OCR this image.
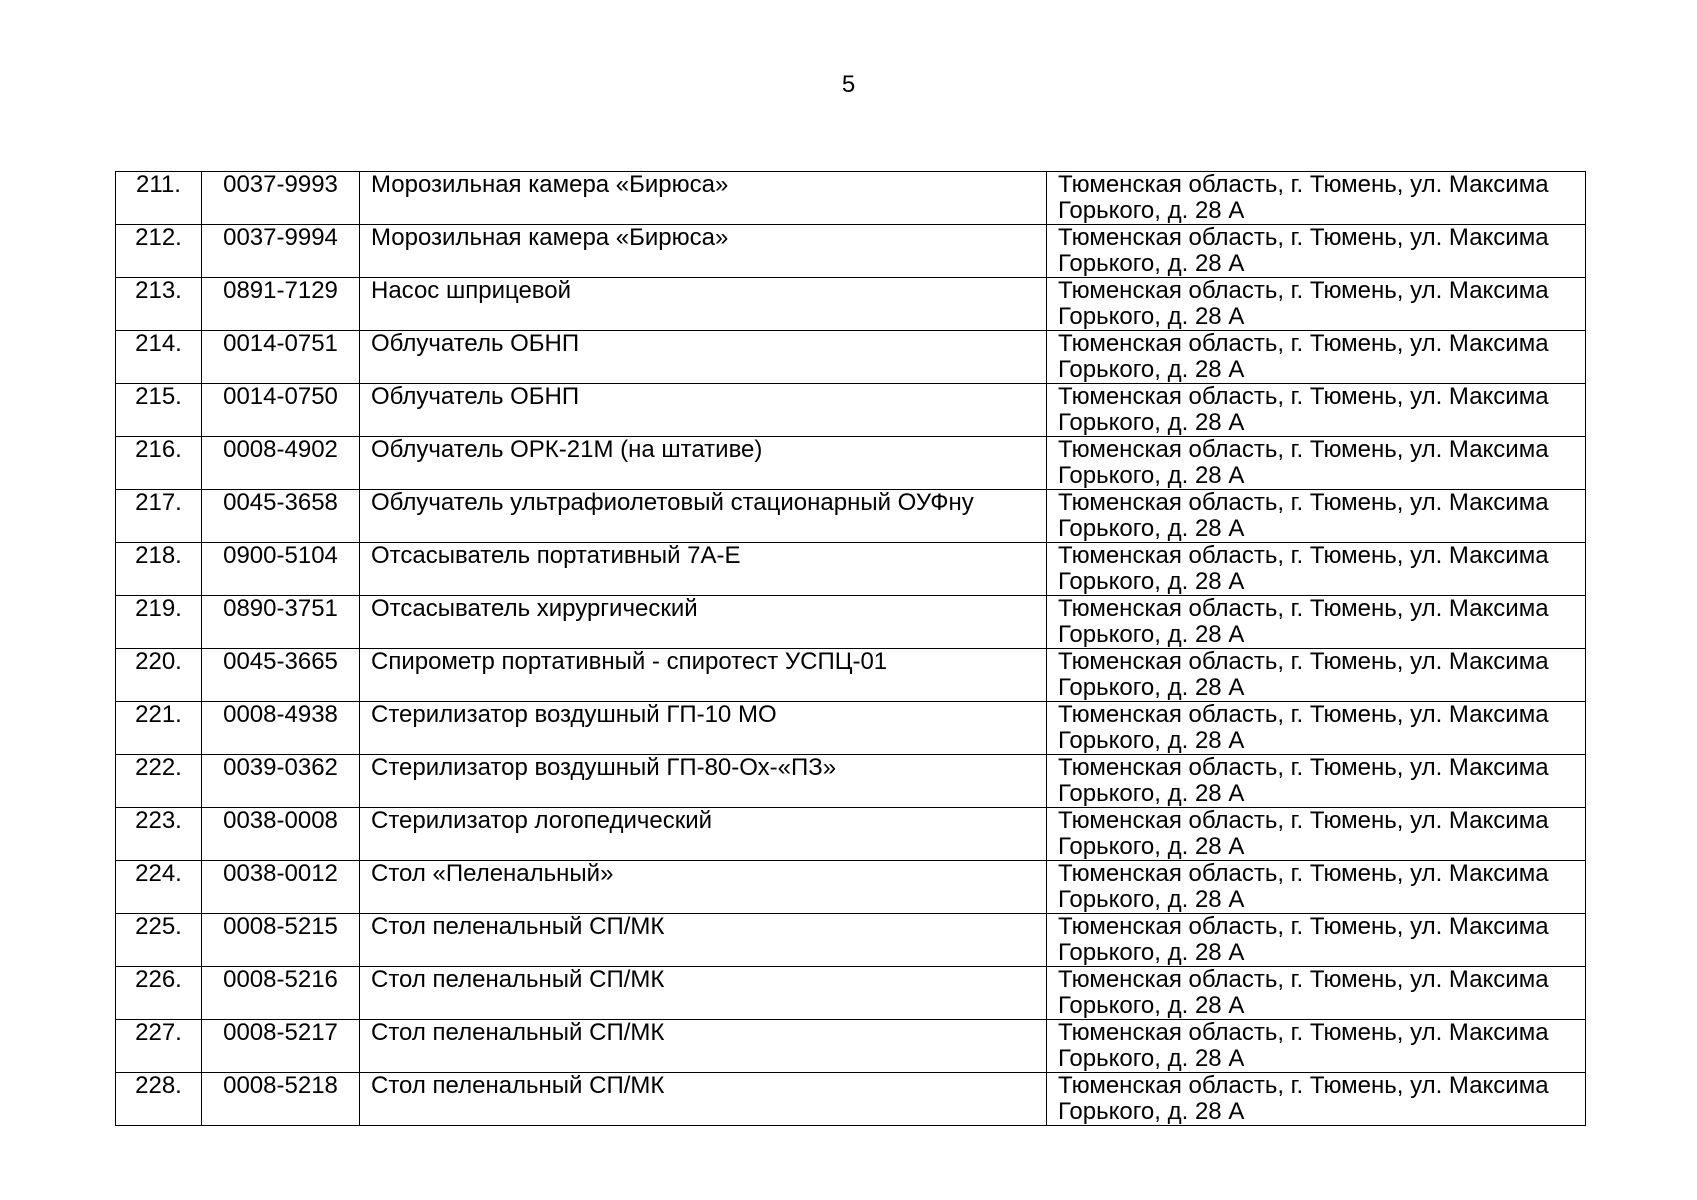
5
211.	0037-9993	Морозильная камера «Бирюса»	Тюменская область, г. Тюмень, ул. Максима Горького, д. 28 А

212.	0037-9994	Морозильная камера «Бирюса»	Тюменская область, г. Тюмень, ул. Максима Горького, д. 28 А

213.	0891-7129	Насос шприцевой	Тюменская область, г. Тюмень, ул. Максима Горького, д. 28 А

214.	0014-0751	Облучатель ОБНП	Тюменская область, г. Тюмень, ул. Максима Горького, д. 28 А

215.	0014-0750	Облучатель ОБНП	Тюменская область, г. Тюмень, ул. Максима Горького, д. 28 А

216.	0008-4902	Облучатель ОРК-21М (на штативе)	Тюменская область, г. Тюмень, ул. Максима Горького, д. 28 А

217.	0045-3658	Облучатель ультрафиолетовый стационарный ОУФну	Тюменская область, г. Тюмень, ул. Максима Горького, д. 28 А

218.	0900-5104	Отсасыватель портативный 7А-Е	Тюменская область, г. Тюмень, ул. Максима Горького, д. 28 А

219.	0890-3751	Отсасыватель хирургический	Тюменская область, г. Тюмень, ул. Максима Горького, д. 28 А

220.	0045-3665	Спирометр портативный - спиротест УСПЦ-01	Тюменская область, г. Тюмень, ул. Максима Горького, д. 28 А

221.	0008-4938	Стерилизатор воздушный ГП-10 МО	Тюменская область, г. Тюмень, ул. Максима Горького, д. 28 А

222.	0039-0362	Стерилизатор воздушный ГП-80-Ох-«ПЗ»	Тюменская область, г. Тюмень, ул. Максима Горького, д. 28 А

223.	0038-0008	Стерилизатор логопедический	Тюменская область, г. Тюмень, ул. Максима Горького, д. 28 А

224.	0038-0012	Стол «Пеленальный»	Тюменская область, г. Тюмень, ул. Максима Горького, д. 28 А

225.	0008-5215	Стол пеленальный СП/МК	Тюменская область, г. Тюмень, ул. Максима Горького, д. 28 А

226.	0008-5216	Стол пеленальный СП/МК	Тюменская область, г. Тюмень, ул. Максима Горького, д. 28 А

227.	0008-5217	Стол пеленальный СП/МК	Тюменская область, г. Тюмень, ул. Максима Горького, д. 28 А

228.	0008-5218	Стол пеленальный СП/МК	Тюменская область, г. Тюмень, ул. Максима Горького, д. 28 А
